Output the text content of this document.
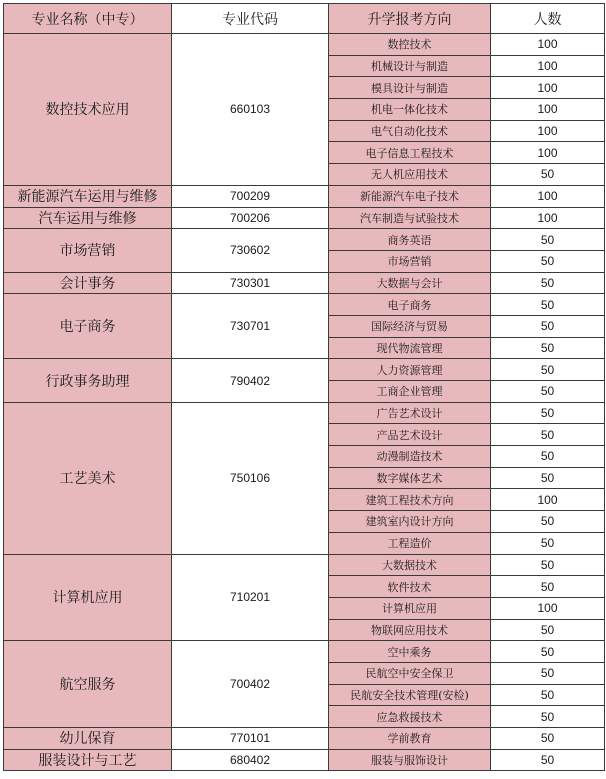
专业名称（中专）	专业代码	升学报考方向	人数
数控技术应用	660103	数控技术	100
		机械设计与制造	100
		模具设计与制造	100
		机电一体化技术	100
		电气自动化技术	100
		电子信息工程技术	100
		无人机应用技术	50
新能源汽车运用与维修	700209	新能源汽车电子技术	100
汽车运用与维修	700206	汽车制造与试验技术	100
市场营销	730602	商务英语	50
		市场营销	50
会计事务	730301	大数据与会计	50
电子商务	730701	电子商务	50
		国际经济与贸易	50
		现代物流管理	50
行政事务助理	790402	人力资源管理	50
		工商企业管理	50
工艺美术	750106	广告艺术设计	50
		产品艺术设计	50
		动漫制造技术	50
		数字媒体艺术	50
		建筑工程技术方向	100
		建筑室内设计方向	50
		工程造价	50
计算机应用	710201	大数据技术	50
		软件技术	50
		计算机应用	100
		物联网应用技术	50
航空服务	700402	空中乘务	50
		民航空中安全保卫	50
		民航安全技术管理(安检)	50
		应急救援技术	50
幼儿保育	770101	学前教育	50
服装设计与工艺	680402	服装与服饰设计	50
